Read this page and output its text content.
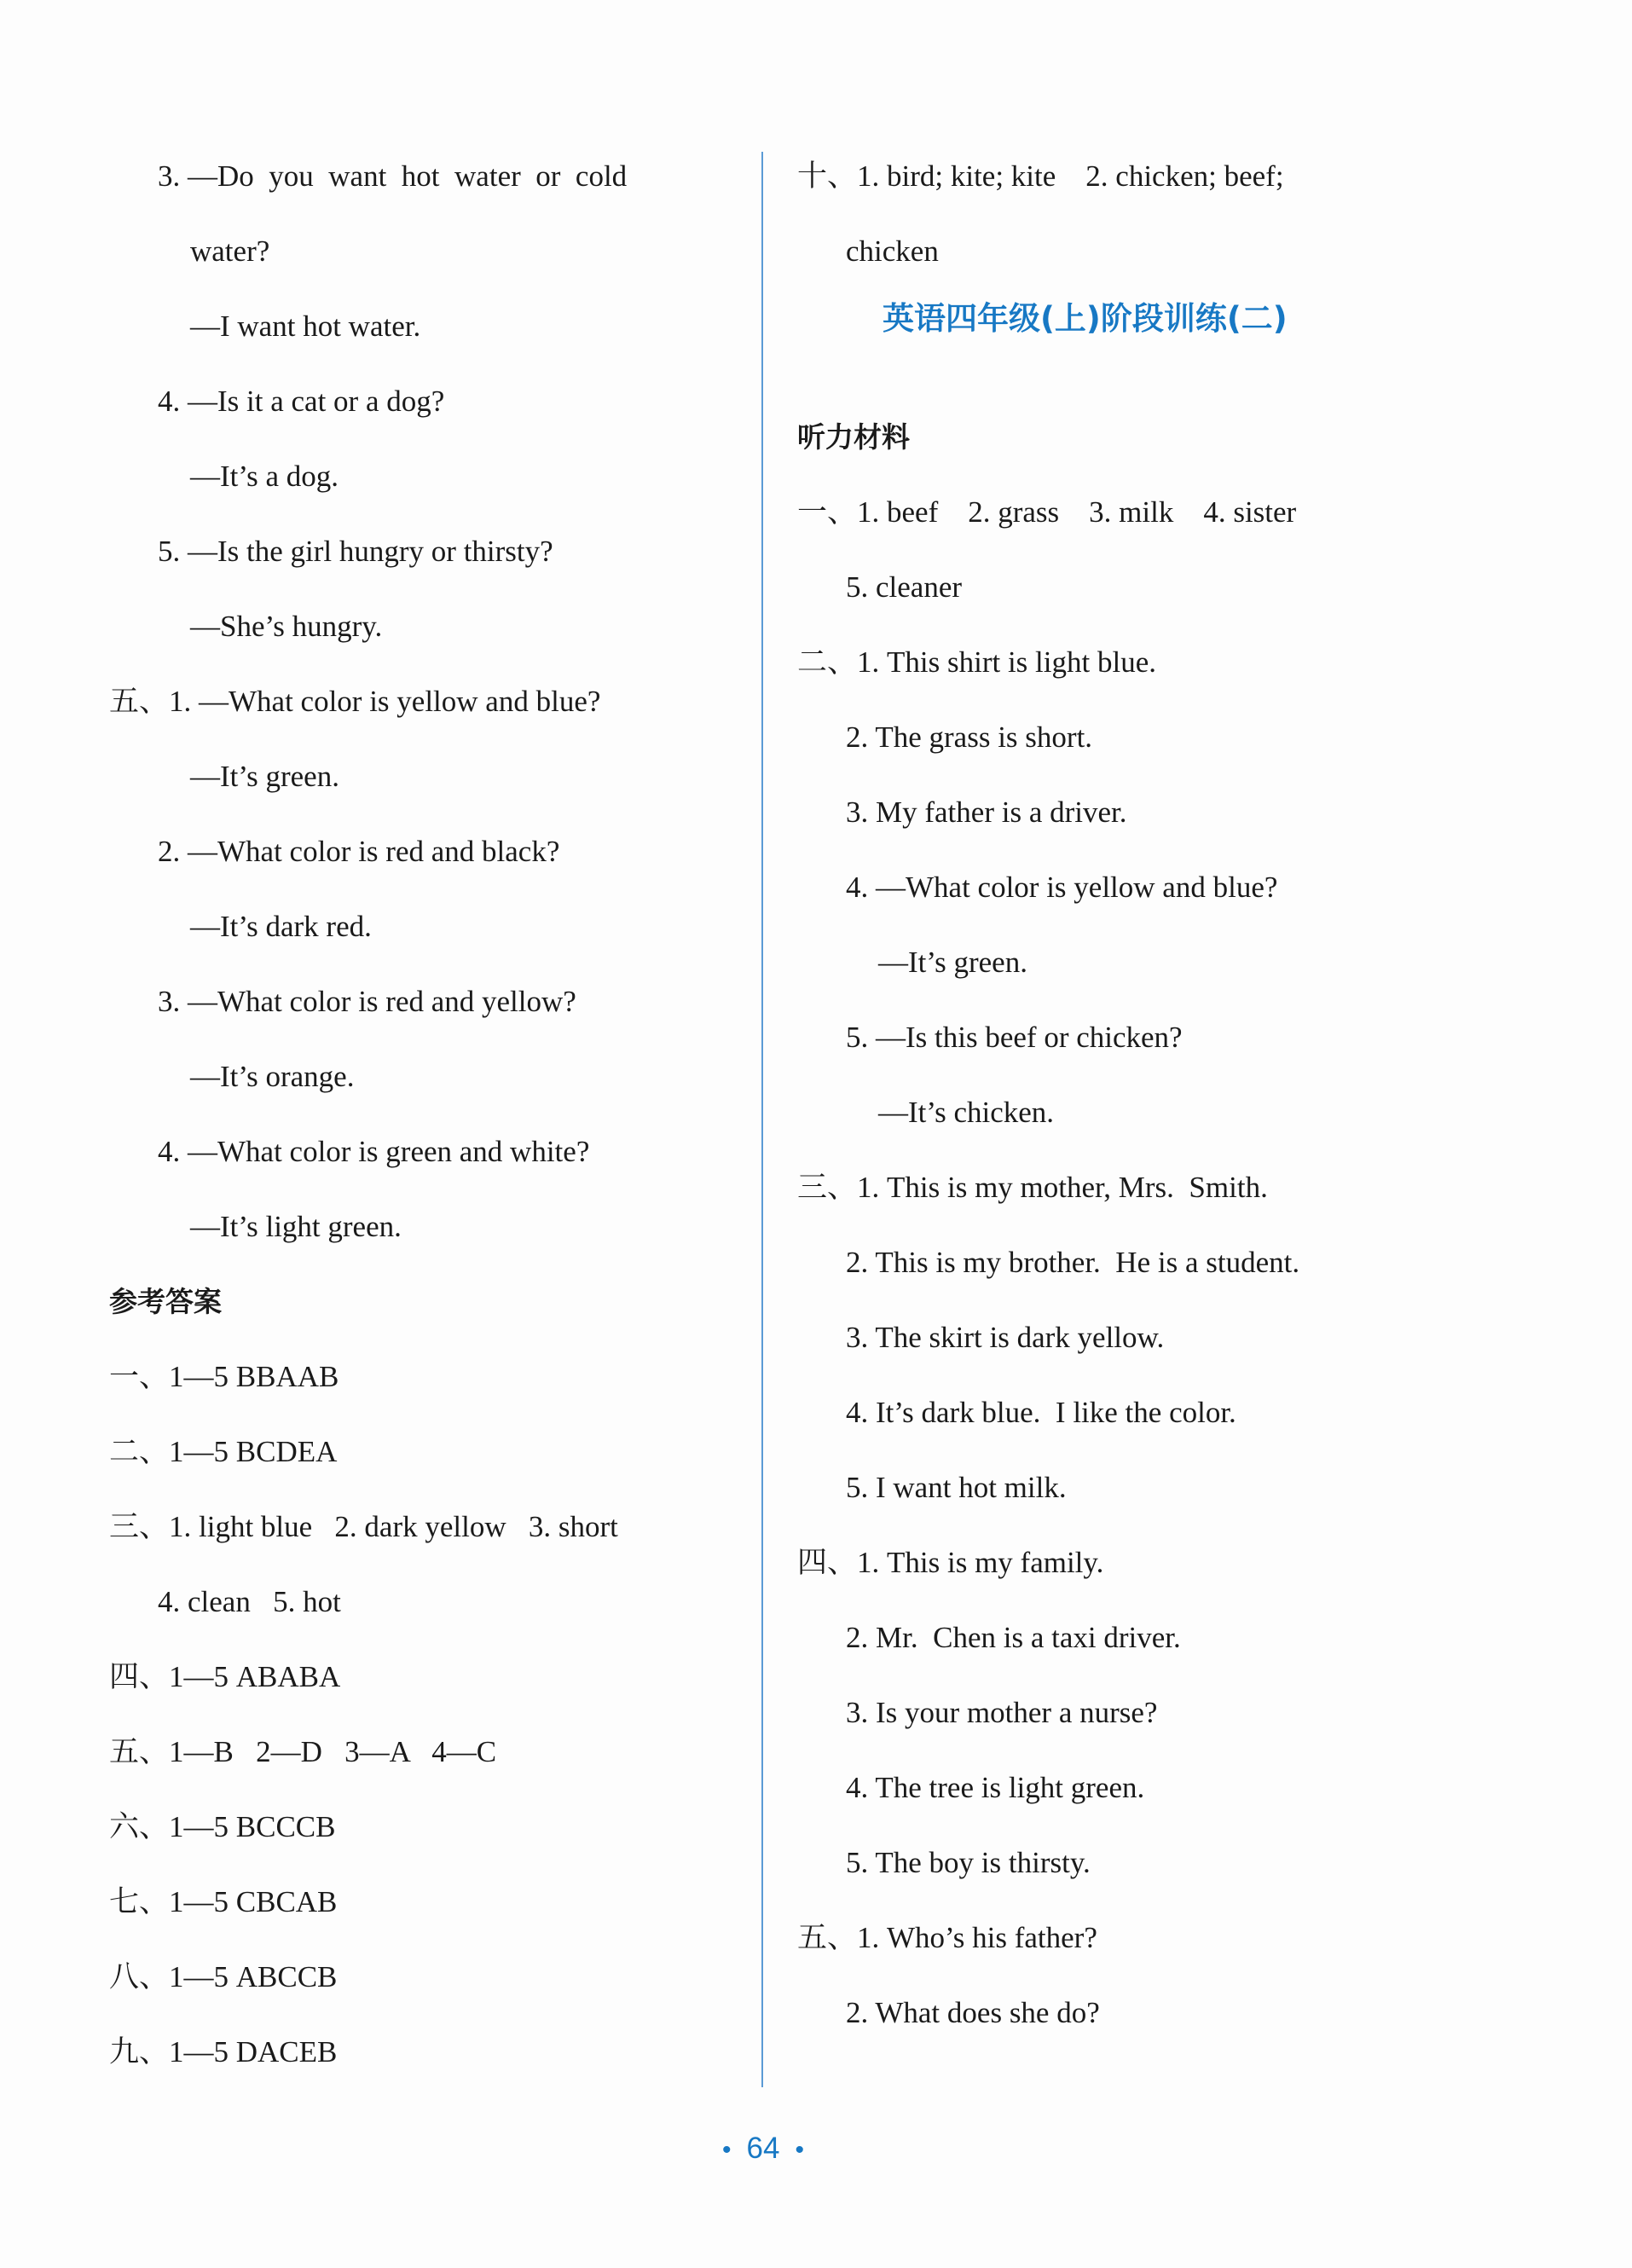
3. —Do  you  want  hot  water  or  cold
water?
—I want hot water.
4. —Is it a cat or a dog?
—It’s a dog.
5. —Is the girl hungry or thirsty?
—She’s hungry.
五、1. —What color is yellow and blue?
—It’s green.
2. —What color is red and black?
—It’s dark red.
3. —What color is red and yellow?
—It’s orange.
4. —What color is green and white?
—It’s light green.
参考答案
一、1—5 BBAAB
二、1—5 BCDEA
三、1. light blue   2. dark yellow   3. short
4. clean   5. hot
四、1—5 ABABA
五、1—B   2—D   3—A   4—C
六、1—5 BCCCB
七、1—5 CBCAB
八、1—5 ABCCB
九、1—5 DACEB
十、1. bird; kite; kite    2. chicken; beef;
chicken
英语四年级(上)阶段训练(二)
听力材料
一、1. beef    2. grass    3. milk    4. sister
5. cleaner
二、1. This shirt is light blue.
2. The grass is short.
3. My father is a driver.
4. —What color is yellow and blue?
—It’s green.
5. —Is this beef or chicken?
—It’s chicken.
三、1. This is my mother, Mrs.  Smith.
2. This is my brother.  He is a student.
3. The skirt is dark yellow.
4. It’s dark blue.  I like the color.
5. I want hot milk.
四、1. This is my family.
2. Mr.  Chen is a taxi driver.
3. Is your mother a nurse?
4. The tree is light green.
5. The boy is thirsty.
五、1. Who’s his father?
2. What does she do?
• 64 •
